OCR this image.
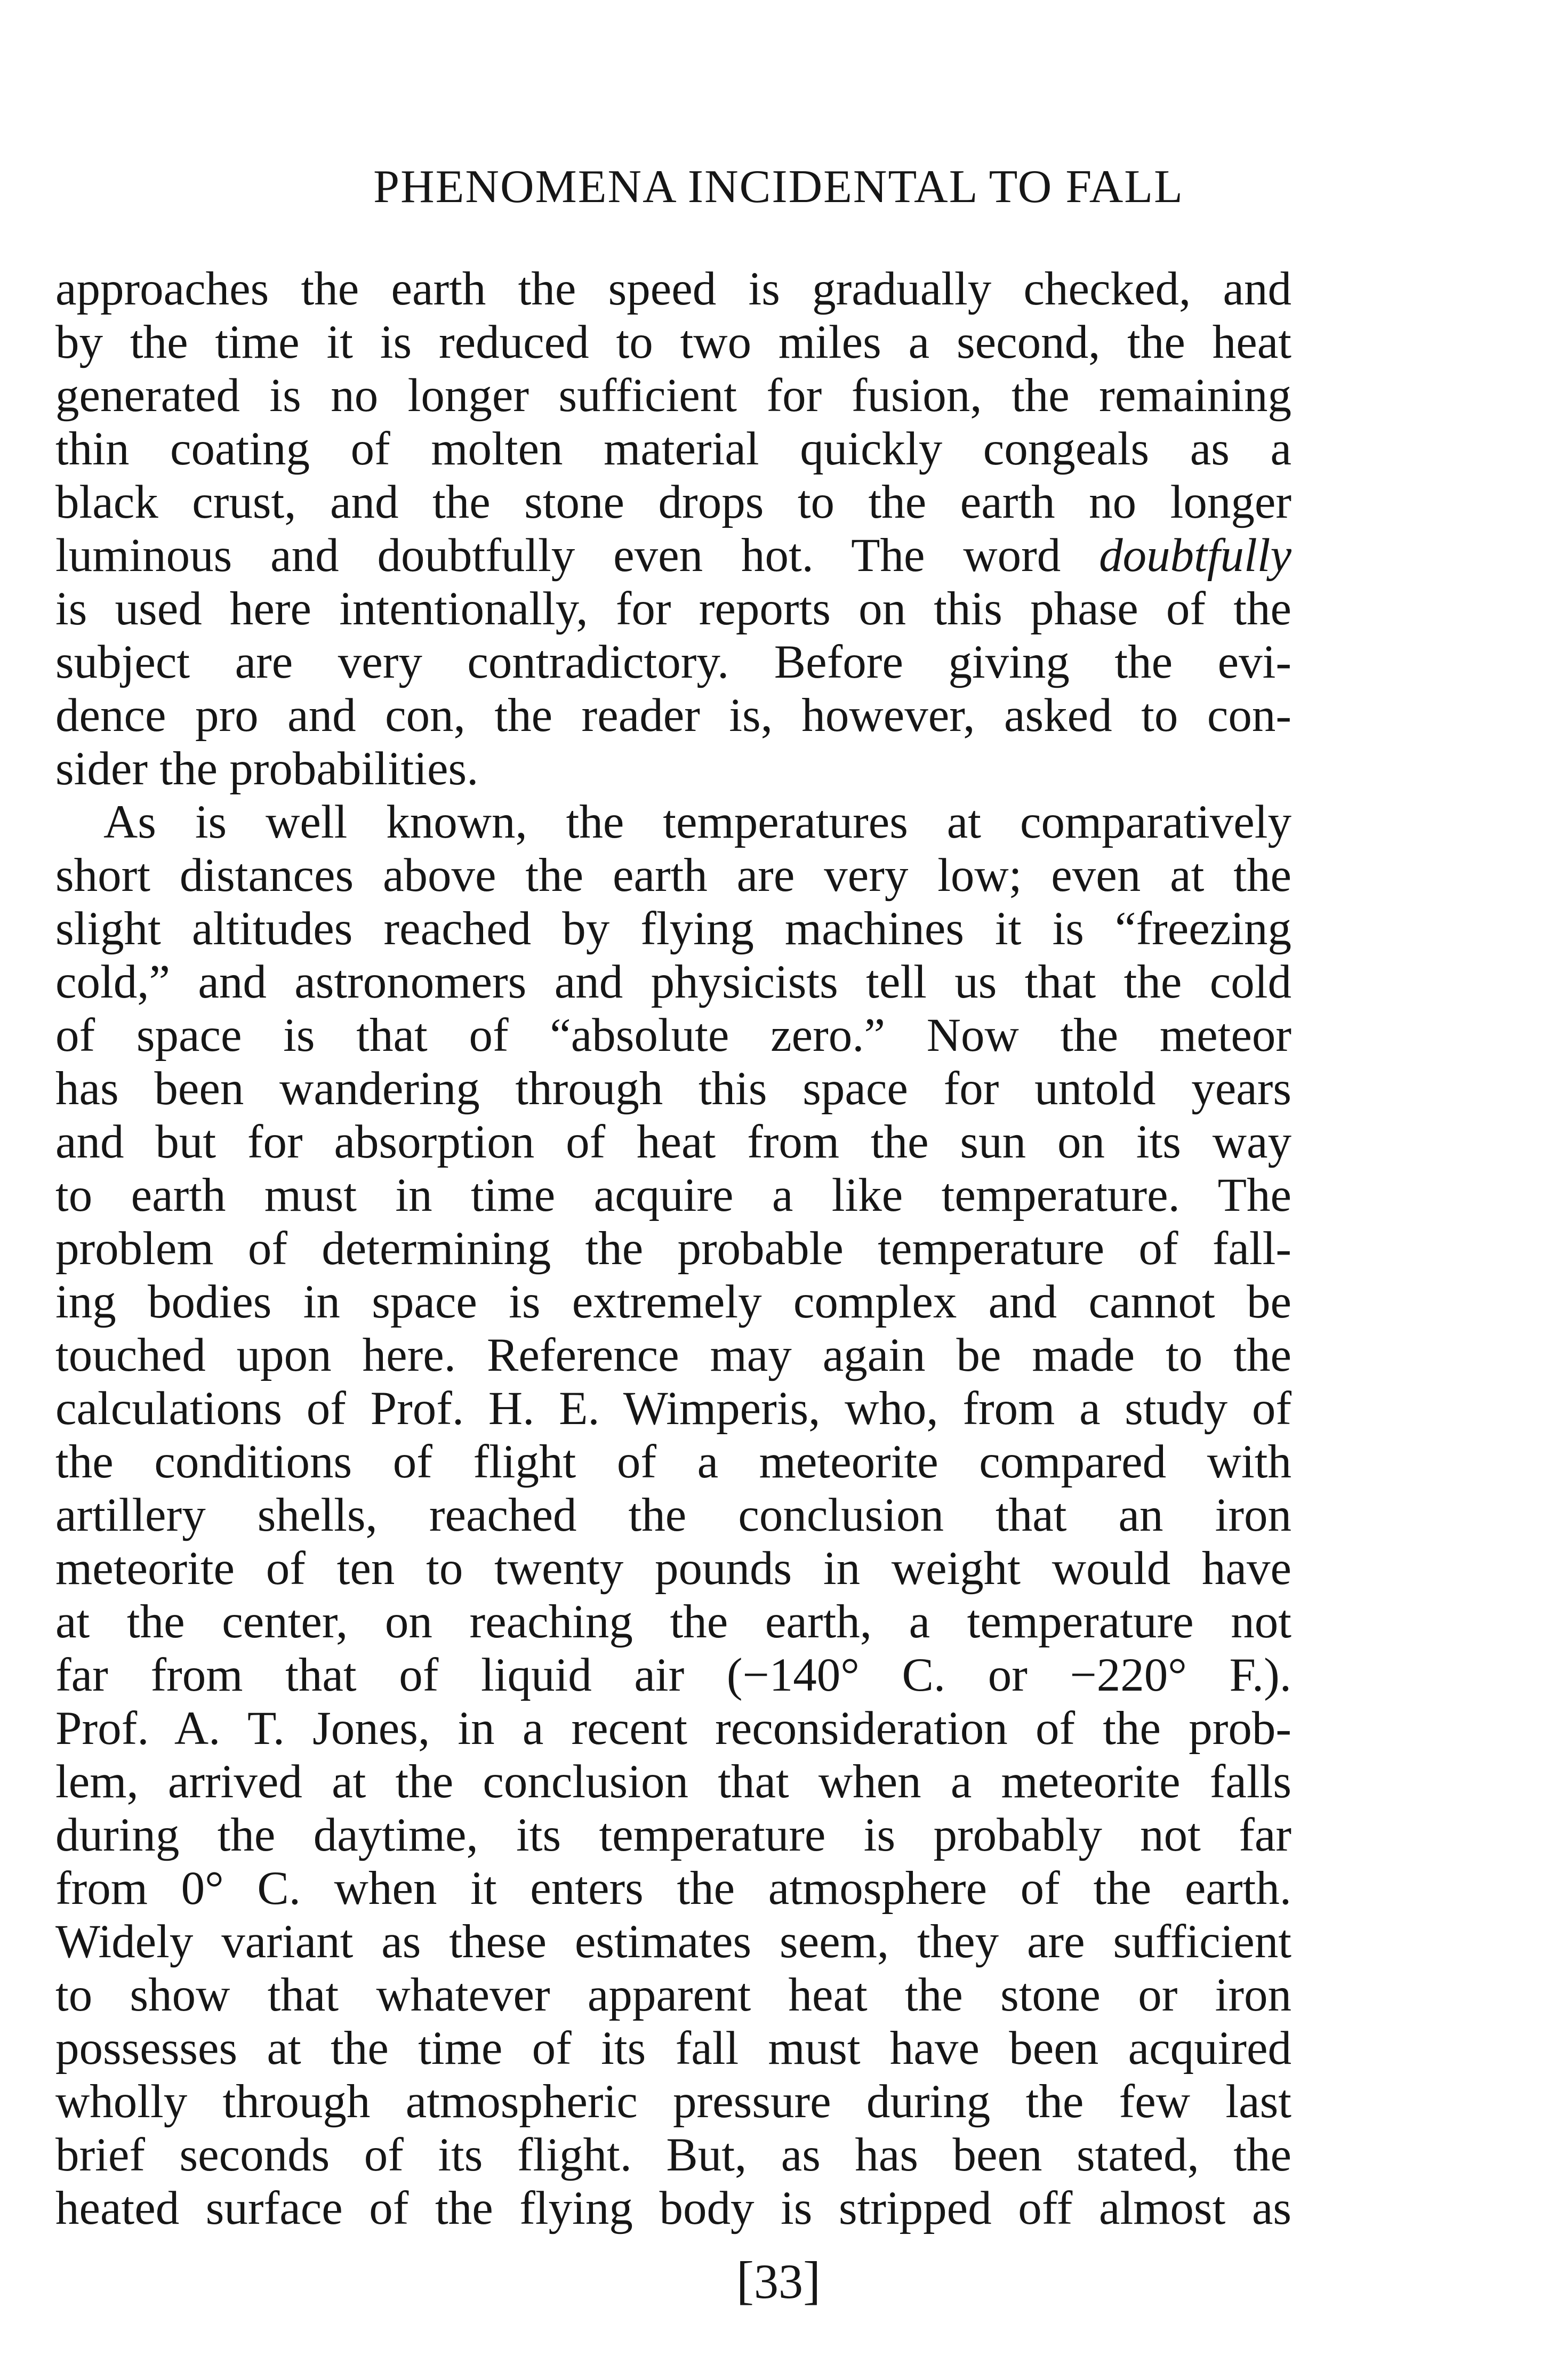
PHENOMENA INCIDENTAL TO FALL
approaches the earth the speed is gradually checked, and
by the time it is reduced to two miles a second, the heat
generated is no longer sufficient for fusion, the remaining
thin coating of molten material quickly congeals as a
black crust, and the stone drops to the earth no longer
luminous and doubtfully even hot. The word doubtfully
is used here intentionally, for reports on this phase of the
subject are very contradictory. Before giving the evi-
dence pro and con, the reader is, however, asked to con-
sider the probabilities.
As is well known, the temperatures at comparatively
short distances above the earth are very low; even at the
slight altitudes reached by flying machines it is “freezing
cold,” and astronomers and physicists tell us that the cold
of space is that of “absolute zero.” Now the meteor
has been wandering through this space for untold years
and but for absorption of heat from the sun on its way
to earth must in time acquire a like temperature. The
problem of determining the probable temperature of fall-
ing bodies in space is extremely complex and cannot be
touched upon here. Reference may again be made to the
calculations of Prof. H. E. Wimperis, who, from a study of
the conditions of flight of a meteorite compared with
artillery shells, reached the conclusion that an iron
meteorite of ten to twenty pounds in weight would have
at the center, on reaching the earth, a temperature not
far from that of liquid air (−140° C. or −220° F.).
Prof. A. T. Jones, in a recent reconsideration of the prob-
lem, arrived at the conclusion that when a meteorite falls
during the daytime, its temperature is probably not far
from 0° C. when it enters the atmosphere of the earth.
Widely variant as these estimates seem, they are sufficient
to show that whatever apparent heat the stone or iron
possesses at the time of its fall must have been acquired
wholly through atmospheric pressure during the few last
brief seconds of its flight. But, as has been stated, the
heated surface of the flying body is stripped off almost as
[33]
